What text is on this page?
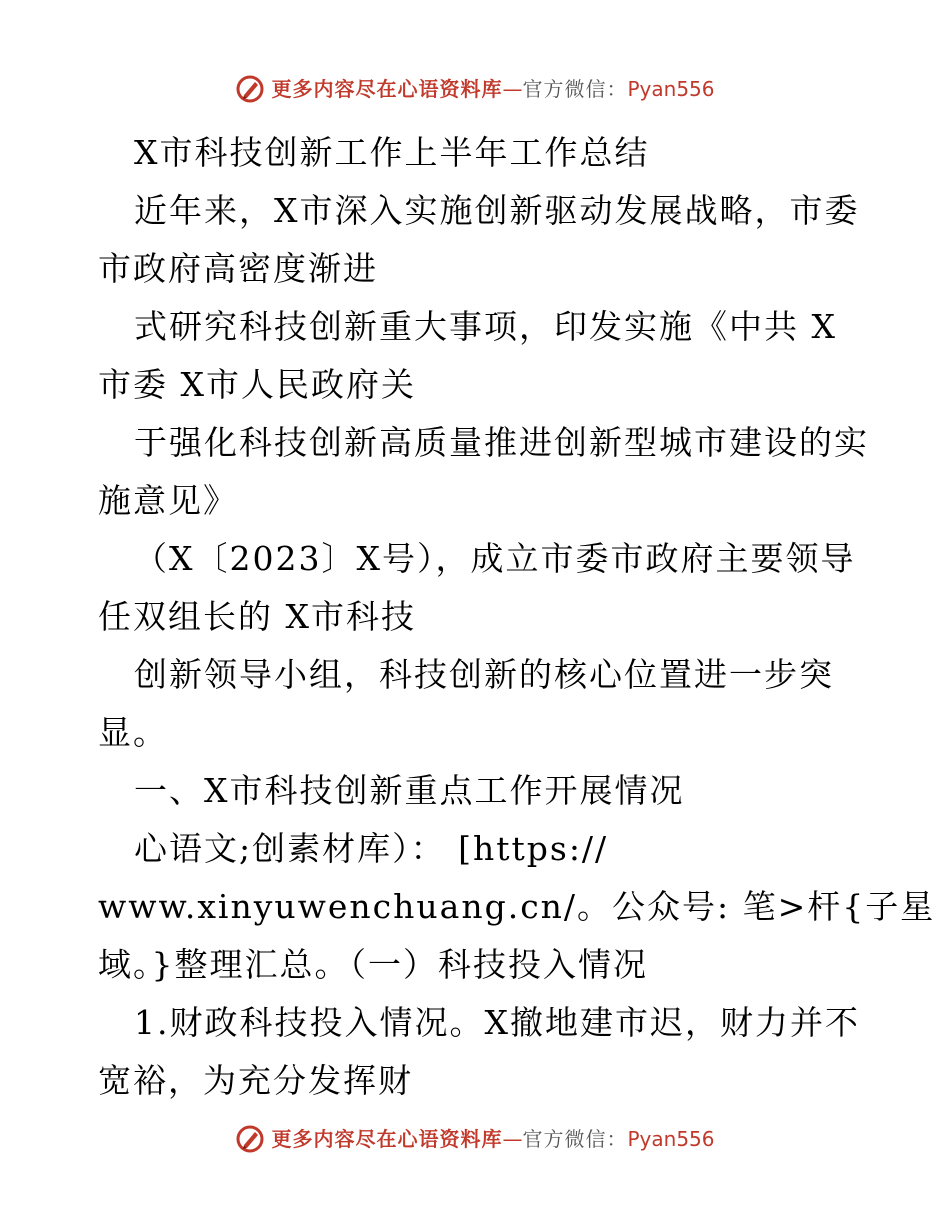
更多内容尽在心语资料库 — 官方微信： Pyan556
X市科技创新工作上半年工作总结
近年来，X市深入实施创新驱动发展战略，市委
市政府高密度渐进
式研究科技创新重大事项，印发实施《中共 X
市委 X市人民政府关
于强化科技创新高质量推进创新型城市建设的实
施意见》
（X〔2023〕X号），成立市委市政府主要领导
任双组长的 X市科技
创新领导小组，科技创新的核心位置进一步突
显。
一、X市科技创新重点工作开展情况
心语文;创素材库）： [https://
www.xinyuwenchuang.cn/。公众号: 笔>杆{子星
域。}整理汇总。（一）科技投入情况
1.财政科技投入情况。X撤地建市迟，财力并不
宽裕，为充分发挥财
更多内容尽在心语资料库 — 官方微信： Pyan556
